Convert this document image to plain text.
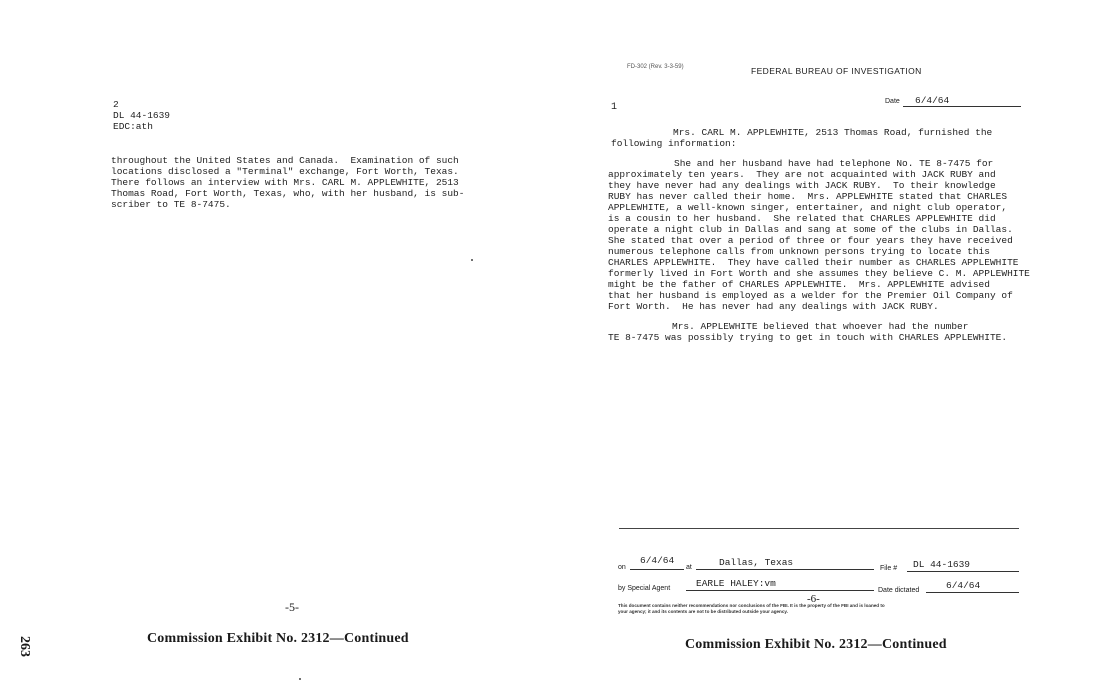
2
DL 44-1639
EDC:ath
throughout the United States and Canada.  Examination of such
locations disclosed a "Terminal" exchange, Fort Worth, Texas.
There follows an interview with Mrs. CARL M. APPLEWHITE, 2513
Thomas Road, Fort Worth, Texas, who, with her husband, is sub-
scriber to TE 8-7475.
-5-
Commission Exhibit No. 2312—Continued
263
FD-302 (Rev. 3-3-59)	FEDERAL BUREAU OF INVESTIGATION
1
Date 6/4/64
Mrs. CARL M. APPLEWHITE, 2513 Thomas Road, furnished the
following information:
She and her husband have had telephone No. TE 8-7475 for
approximately ten years.  They are not acquainted with JACK RUBY and
they have never had any dealings with JACK RUBY.  To their knowledge
RUBY has never called their home.  Mrs. APPLEWHITE stated that CHARLES
APPLEWHITE, a well-known singer, entertainer, and night club operator,
is a cousin to her husband.  She related that CHARLES APPLEWHITE did
operate a night club in Dallas and sang at some of the clubs in Dallas.
She stated that over a period of three or four years they have received
numerous telephone calls from unknown persons trying to locate this
CHARLES APPLEWHITE.  They have called their number as CHARLES APPLEWHITE
formerly lived in Fort Worth and she assumes they believe C. M. APPLEWHITE
might be the father of CHARLES APPLEWHITE.  Mrs. APPLEWHITE advised
that her husband is employed as a welder for the Premier Oil Company of
Fort Worth.  He has never had any dealings with JACK RUBY.
Mrs. APPLEWHITE believed that whoever had the number
TE 8-7475 was possibly trying to get in touch with CHARLES APPLEWHITE.
on
6/4/64
at	Dallas, Texas
File # DL 44-1639
by Special Agent	EARLE HALEY:vm
Date dictated	6/4/64
-6-
This document contains neither recommendations nor conclusions of the FBI. It is the property of the FBI and is loaned to
your agency; it and its contents are not to be distributed outside your agency.
Commission Exhibit No. 2312—Continued
